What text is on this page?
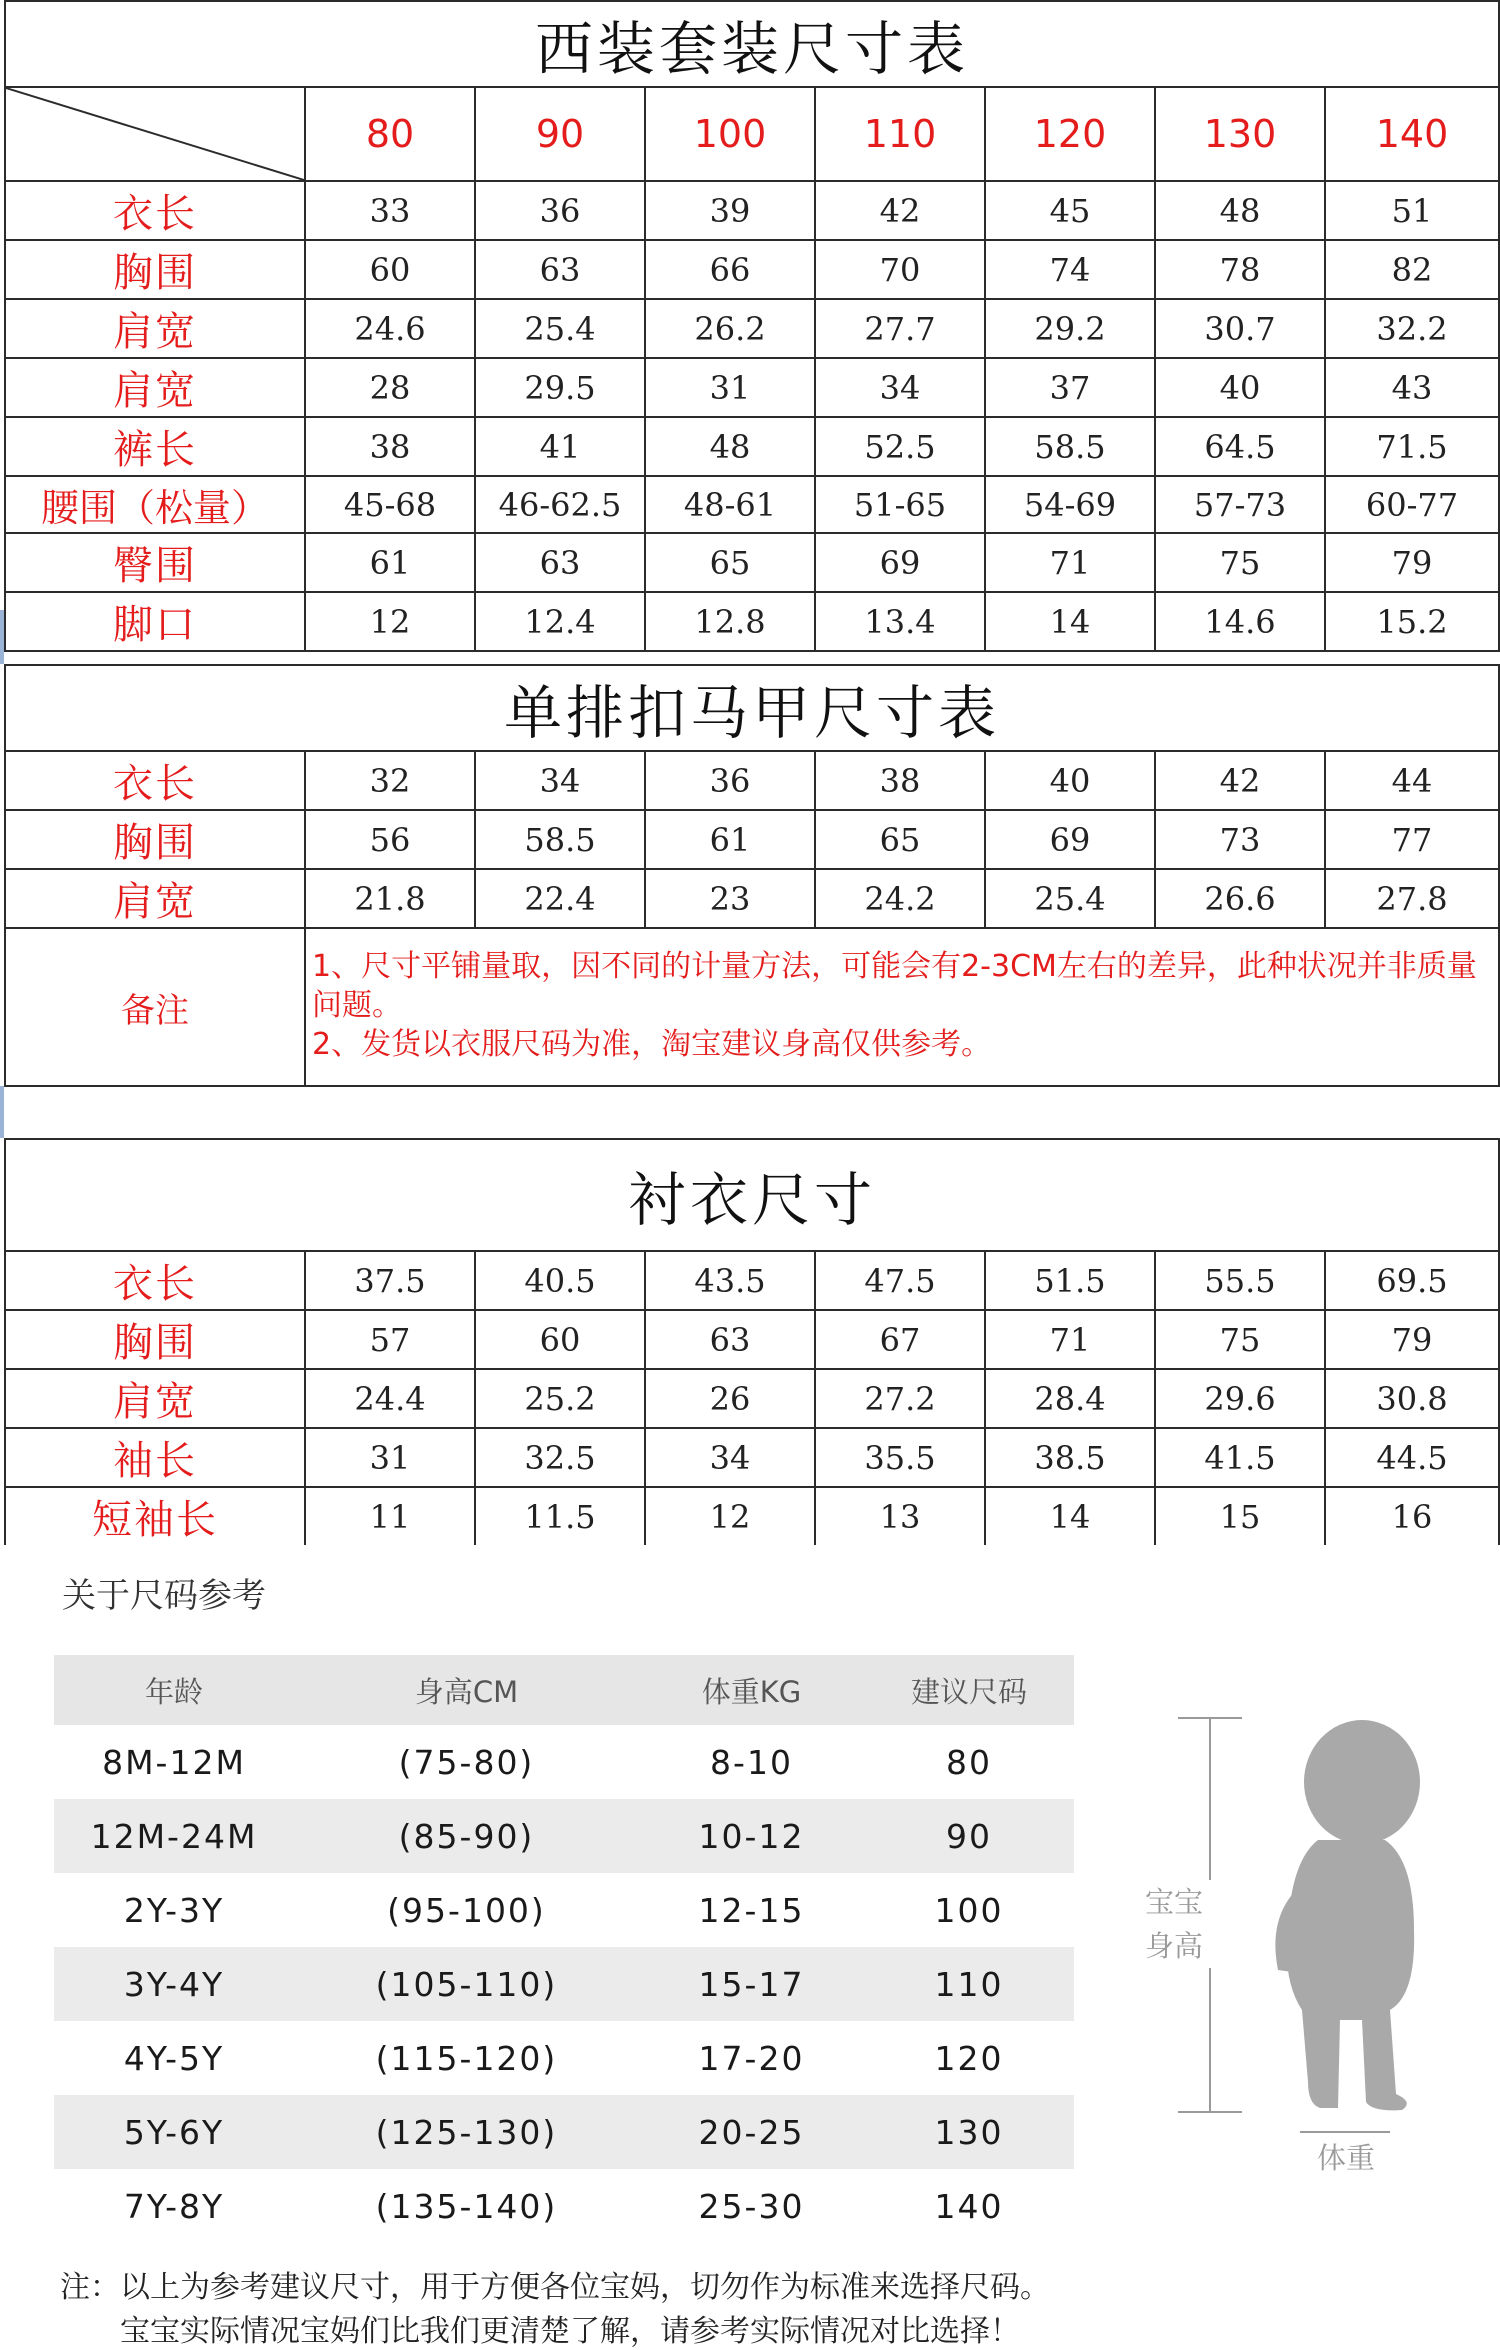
西装套装尺寸表							

	80	90	100	110	120	130	140
衣长	33	36	39	42	45	48	51
胸围	60	63	66	70	74	78	82
肩宽	24.6	25.4	26.2	27.7	29.2	30.7	32.2
肩宽	28	29.5	31	34	37	40	43
裤长	38	41	48	52.5	58.5	64.5	71.5
腰围（松量）	45-68	46-62.5	48-61	51-65	54-69	57-73	60-77
臀围	61	63	65	69	71	75	79
脚口	12	12.4	12.8	13.4	14	14.6	15.2
单排扣马甲尺寸表							
衣长	32	34	36	38	40	42	44
胸围	56	58.5	61	65	69	73	77
肩宽	21.8	22.4	23	24.2	25.4	26.6	27.8
备注	1、尺寸平铺量取，因不同的计量方法，可能会有2-3CM左右的差异，此种状况并非质量问题。
2、发货以衣服尺码为准，淘宝建议身高仅供参考。						
衬衣尺寸							
衣长	37.5	40.5	43.5	47.5	51.5	55.5	69.5
胸围	57	60	63	67	71	75	79
肩宽	24.4	25.2	26	27.2	28.4	29.6	30.8
袖长	31	32.5	34	35.5	38.5	41.5	44.5
短袖长	11	11.5	12	13	14	15	16
关于尺码参考
年龄	身高CM	体重KG	建议尺码
8M-12M	(75-80)	8-10	80
12M-24M	(85-90)	10-12	90
2Y-3Y	(95-100)	12-15	100
3Y-4Y	(105-110)	15-17	110
4Y-5Y	(115-120)	17-20	120
5Y-6Y	(125-130)	20-25	130
7Y-8Y	(135-140)	25-30	140
注：以上为参考建议尺寸，用于方便各位宝妈，切勿作为标准来选择尺码。
宝宝实际情况宝妈们比我们更清楚了解，请参考实际情况对比选择！
宝宝
身高
体重
